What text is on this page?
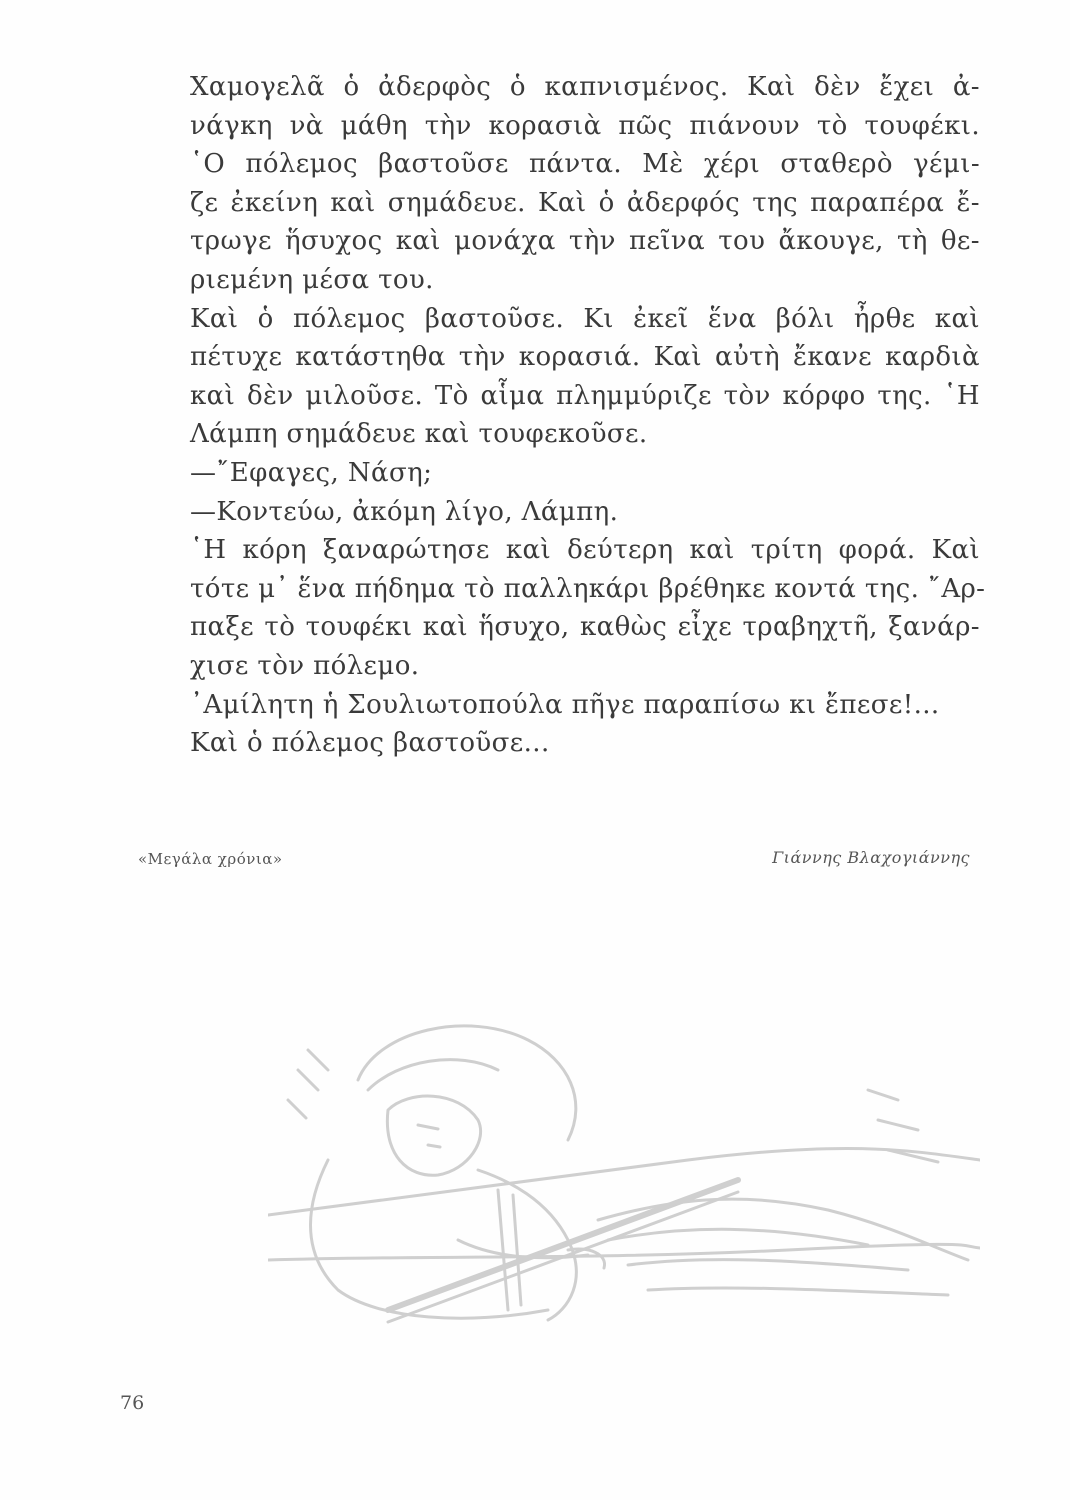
Χαμογελᾶ ὁ ἀδερφὸς ὁ καπνισμένος. Καὶ δὲν ἔχει ἀ-
νάγκη νὰ μάθη τὴν κορασιὰ πῶς πιάνουν τὸ τουφέκι.
῾Ο πόλεμος βαστοῦσε πάντα. Μὲ χέρι σταθερὸ γέμι-
ζε ἐκείνη καὶ σημάδευε. Καὶ ὁ ἀδερφός της παραπέρα ἔ-
τρωγε ἥσυχος καὶ μονάχα τὴν πεῖνα του ἄκουγε, τὴ θε-
ριεμένη μέσα του.
Καὶ ὁ πόλεμος βαστοῦσε. Κι ἐκεῖ ἕνα βόλι ἦρθε καὶ
πέτυχε κατάστηθα τὴν κορασιά. Καὶ αὐτὴ ἔκανε καρδιὰ
καὶ δὲν μιλοῦσε. Τὸ αἷμα πλημμύριζε τὸν κόρφο της. ῾Η
Λάμπη σημάδευε καὶ τουφεκοῦσε.
—῎Εφαγες, Νάση;
—Κοντεύω, ἀκόμη λίγο, Λάμπη.
῾Η κόρη ξαναρώτησε καὶ δεύτερη καὶ τρίτη φορά. Καὶ
τότε μ᾿ ἕνα πήδημα τὸ παλληκάρι βρέθηκε κοντά της. ῎Αρ-
παξε τὸ τουφέκι καὶ ἥσυχο, καθὼς εἶχε τραβηχτῆ, ξανάρ-
χισε τὸν πόλεμο.
᾿Αμίλητη ἡ Σουλιωτοπούλα πῆγε παραπίσω κι ἔπεσε!...
Καὶ ὁ πόλεμος βαστοῦσε...
«Μεγάλα χρόνια»	Γιάννης Βλαχογιάννης
76
